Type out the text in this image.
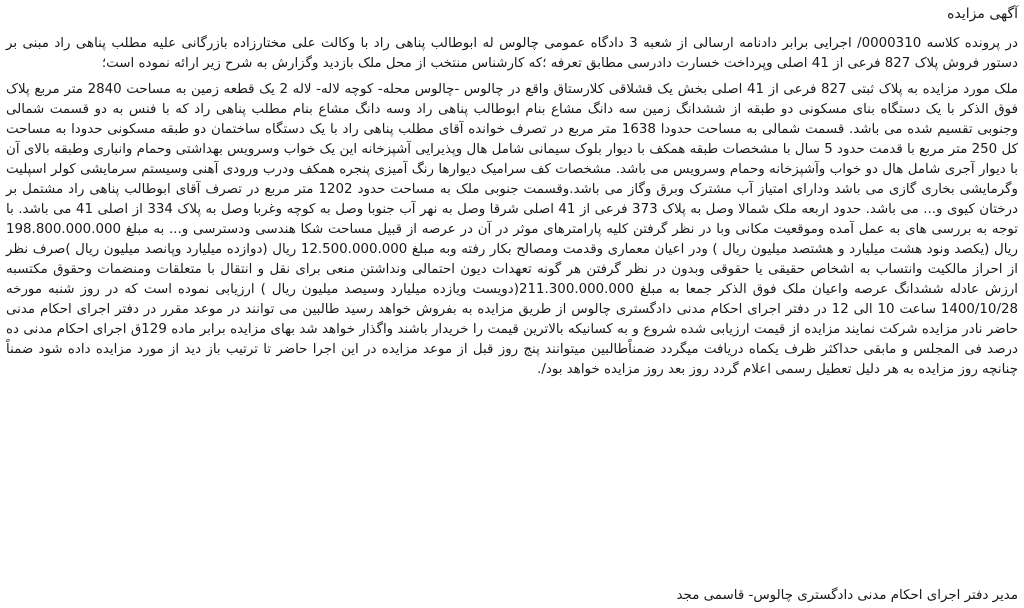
آگهی مزایده

در پرونده کلاسه 0000310/ اجرایی برابر دادنامه ارسالی از شعبه 3 دادگاه عمومی چالوس له ابوطالب پناهی راد با وکالت علی مختارزاده بازرگانی علیه مطلب پناهی راد مبنی بر دستور فروش پلاک 827 فرعی از 41 اصلی وپرداخت خسارت دادرسی مطابق تعرفه ؛که کارشناس منتخب از محل ملک بازدید وگزارش به شرح زیر ارائه نموده است؛

ملک مورد مزایده به پلاک ثبتی 827 فرعی از 41 اصلی بخش یک قشلاقی کلارستاق واقع در چالوس -چالوس محله- کوچه لاله- لاله 2 یک قطعه زمین به مساحت 2840 متر مربع پلاک فوق الذکر با یک دستگاه بنای مسکونی دو طبقه از ششدانگ زمین سه دانگ مشاع بنام ابوطالب پناهی راد وسه دانگ مشاع بنام مطلب پناهی راد که با فنس به دو قسمت شمالی وجنوبی تقسیم شده می باشد. قسمت شمالی به مساحت حدودا 1638 متر مربع در تصرف خوانده آقای مطلب پناهی راد با یک دستگاه ساختمان دو طبقه مسکونی حدودا به مساحت کل 250 متر مربع با قدمت حدود 5 سال با مشخصات طبقه همکف با دیوار بلوک سیمانی شامل هال وپذیرایی آشپزخانه این یک خواب وسرویس بهداشتی وحمام وانباری وطبقه بالای آن با دیوار آجری شامل هال دو خواب وآشپزخانه وحمام وسرویس می باشد. مشخصات کف سرامیک دیوارها رنگ آمیزی پنجره همکف ودرب ورودی آهنی وسیستم سرمایشی کولر اسپلیت وگرمایشی بخاری گازی می باشد ودارای امتیاز آب مشترک وبرق وگاز می باشد.وقسمت جنوبی ملک به مساحت حدود 1202 متر مربع در تصرف آقای ابوطالب پناهی راد مشتمل بر درختان کیوی و... می باشد. حدود اربعه ملک شمالا وصل به پلاک 373 فرعی از 41 اصلی شرقا وصل به نهر آب جنوبا وصل به کوچه وغربا وصل به پلاک 334 از اصلی 41 می باشد. با توجه به بررسی های به عمل آمده وموقعیت مکانی وبا در نظر گرفتن کلیه پارامترهای موثر در آن در عرصه از قبیل مساحت شکا هندسی ودسترسی و... به مبلغ 198.800.000.000 ریال (یکصد ونود هشت میلیارد و هشتصد میلیون ریال ) ودر اعیان معماری وقدمت ومصالح بکار رفته وبه مبلغ 12.500.000.000 ریال (دوازده میلیارد وپانصد میلیون ریال )صرف نظر از احراز مالکیت وانتساب به اشخاص حقیقی یا حقوقی وبدون در نظر گرفتن هر گونه تعهدات دیون احتمالی ونداشتن منعی برای نقل و انتقال با متعلقات ومنضمات وحقوق مکتسبه ارزش عادله ششدانگ عرصه واعیان ملک فوق الذکر جمعا به مبلغ 211.300.000.000(دویست ویازده میلیارد وسیصد میلیون ریال ) ارزیابی نموده است که در روز شنبه مورخه 1400/10/28 ساعت 10 الی 12 در دفتر اجرای احکام مدنی دادگستری چالوس از طریق مزایده به بفروش خواهد رسید طالبین می توانند در موعد مقرر در دفتر اجرای احکام مدنی حاضر نادر مزایده شرکت نمایند مزایده از قیمت ارزیابی شده شروع و به کسانیکه بالاترین قیمت را خریدار باشند واگذار خواهد شد بهای مزایده برابر ماده 129ق اجرای احکام مدنی ده درصد فی المجلس و مابقی حداکثر ظرف یکماه دریافت میگردد ضمناًطالبین میتوانند پنج روز قبل از موعد مزایده در این اجرا حاضر تا ترتیب باز دید از مورد مزایده داده شود ضمناً چنانچه روز مزایده به هر دلیل تعطیل رسمی اعلام گردد روز بعد روز مزایده خواهد بود/.

مدیر دفتر اجرای احکام مدنی دادگستری چالوس- قاسمی مجد
